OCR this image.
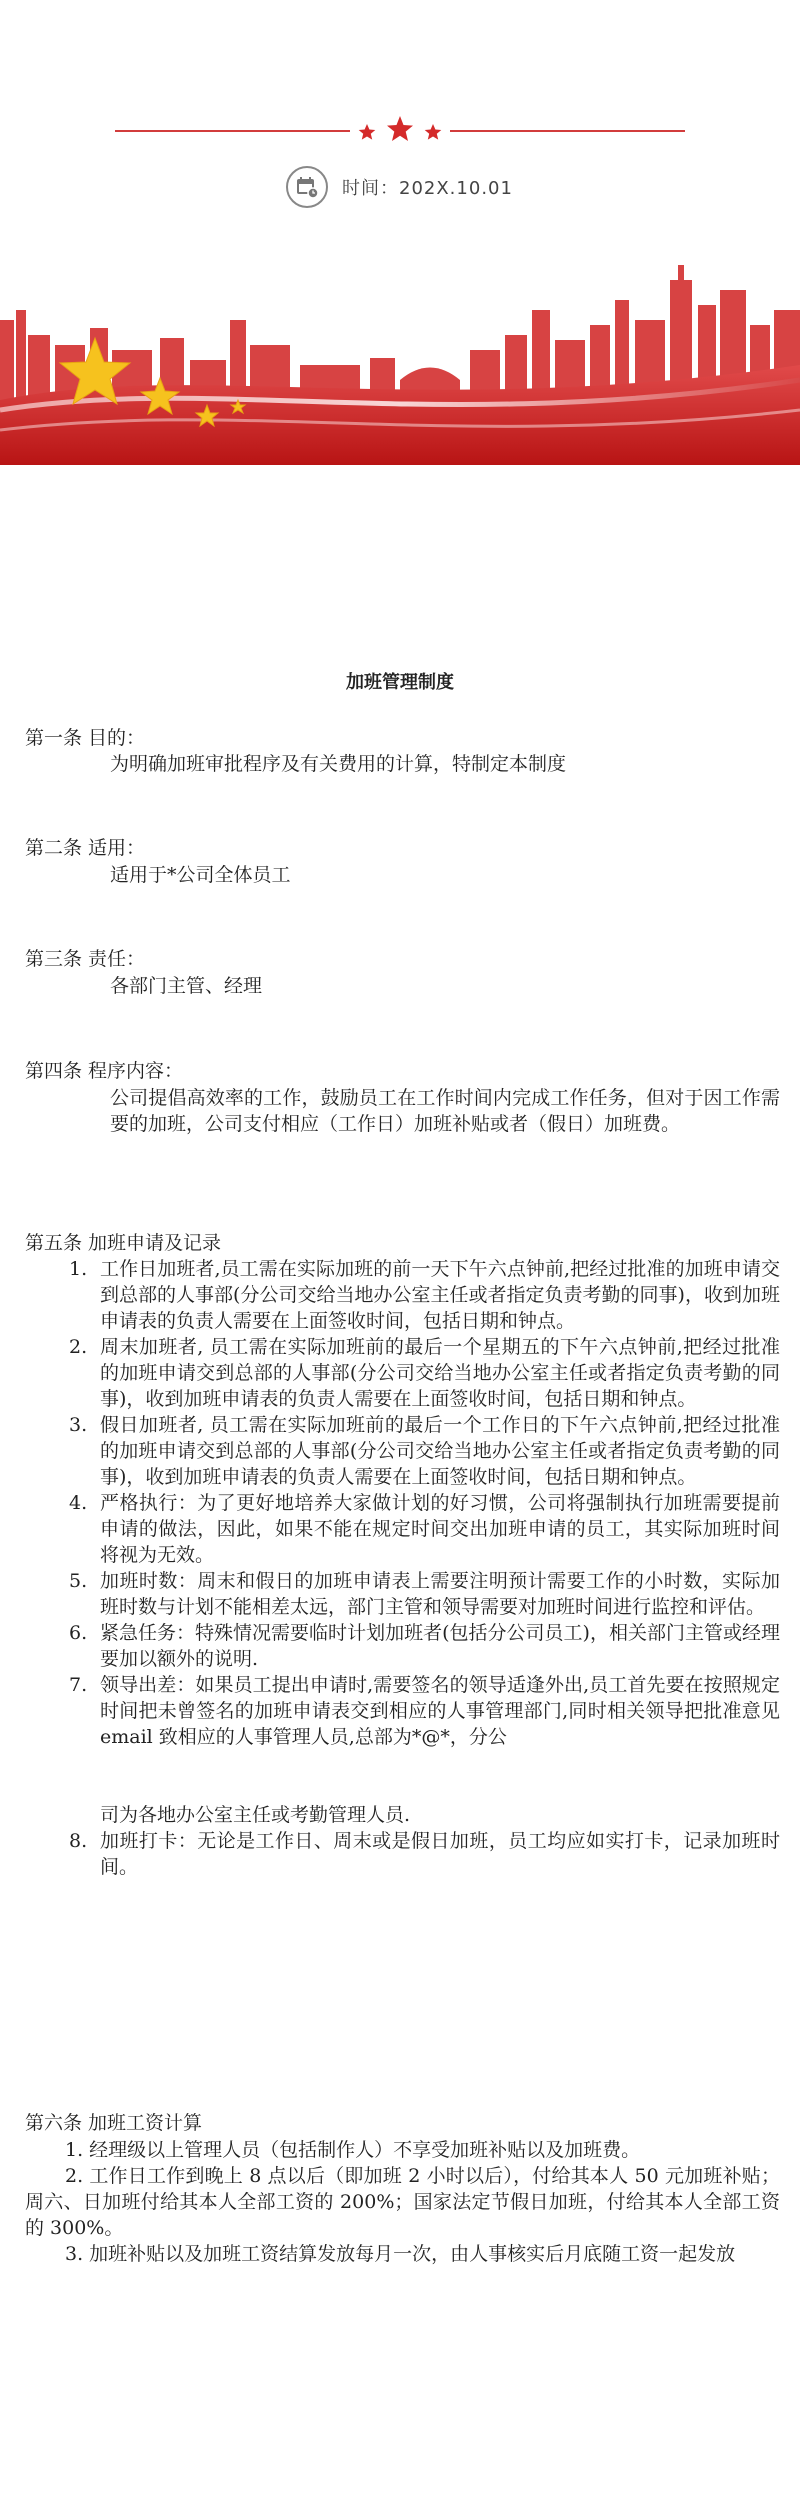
时间：202X.10.01
加班管理制度
第一条 目的：
为明确加班审批程序及有关费用的计算，特制定本制度
第二条 适用：
适用于*公司全体员工
第三条 责任：
各部门主管、经理
第四条 程序内容：
公司提倡高效率的工作，鼓励员工在工作时间内完成工作任务，但对于因工作需要的加班，公司支付相应（工作日）加班补贴或者（假日）加班费。
第五条 加班申请及记录
1. 工作日加班者,员工需在实际加班的前一天下午六点钟前,把经过批准的加班申请交到总部的人事部(分公司交给当地办公室主任或者指定负责考勤的同事)，收到加班申请表的负责人需要在上面签收时间，包括日期和钟点。
2. 周末加班者, 员工需在实际加班前的最后一个星期五的下午六点钟前,把经过批准的加班申请交到总部的人事部(分公司交给当地办公室主任或者指定负责考勤的同事)，收到加班申请表的负责人需要在上面签收时间，包括日期和钟点。
3. 假日加班者, 员工需在实际加班前的最后一个工作日的下午六点钟前,把经过批准的加班申请交到总部的人事部(分公司交给当地办公室主任或者指定负责考勤的同事)，收到加班申请表的负责人需要在上面签收时间，包括日期和钟点。
4. 严格执行：为了更好地培养大家做计划的好习惯，公司将强制执行加班需要提前申请的做法，因此，如果不能在规定时间交出加班申请的员工，其实际加班时间将视为无效。
5. 加班时数：周末和假日的加班申请表上需要注明预计需要工作的小时数，实际加班时数与计划不能相差太远，部门主管和领导需要对加班时间进行监控和评估。
6. 紧急任务：特殊情况需要临时计划加班者(包括分公司员工)，相关部门主管或经理要加以额外的说明.
7. 领导出差：如果员工提出申请时,需要签名的领导适逢外出,员工首先要在按照规定时间把未曾签名的加班申请表交到相应的人事管理部门,同时相关领导把批准意见 email 致相应的人事管理人员,总部为*@*，分公
司为各地办公室主任或考勤管理人员.
8. 加班打卡：无论是工作日、周末或是假日加班，员工均应如实打卡，记录加班时间。
第六条 加班工资计算
1. 经理级以上管理人员（包括制作人）不享受加班补贴以及加班费。
2. 工作日工作到晚上 8 点以后（即加班 2 小时以后），付给其本人 50 元加班补贴；周六、日加班付给其本人全部工资的 200%；国家法定节假日加班，付给其本人全部工资的 300%。
3. 加班补贴以及加班工资结算发放每月一次，由人事核实后月底随工资一起发放
